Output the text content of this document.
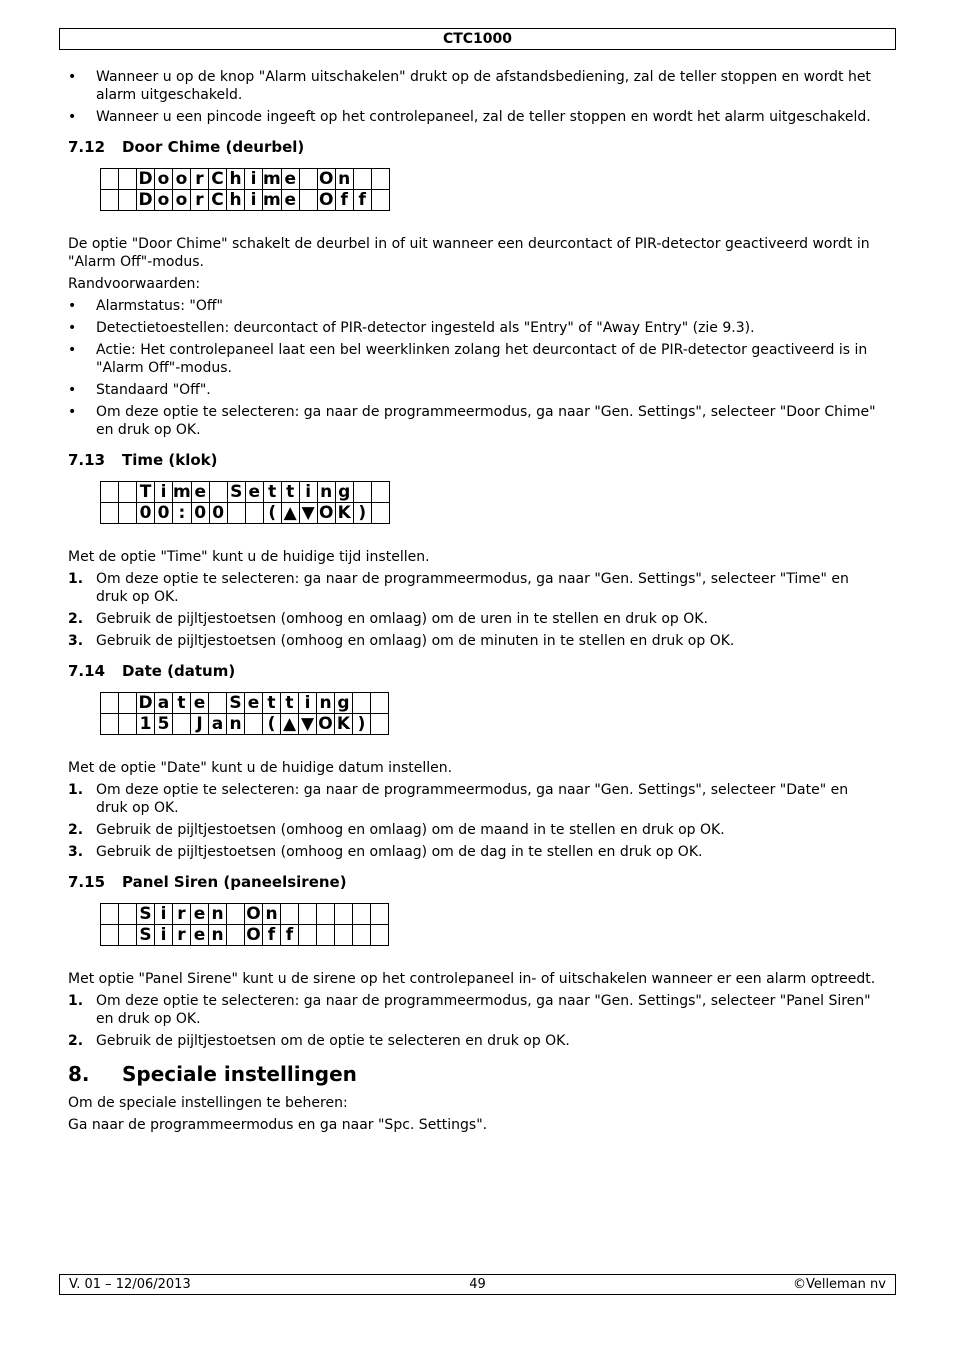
CTC1000
• Wanneer u op de knop "Alarm uitschakelen" drukt op de afstandsbediening, zal de teller stoppen en wordt het alarm uitgeschakeld.
• Wanneer u een pincode ingeeft op het controlepaneel, zal de teller stoppen en wordt het alarm uitgeschakeld.
7.12 Door Chime (deurbel)
		D	o	o	r	C	h	i	m	e		O	n		
		D	o	o	r	C	h	i	m	e		O	f	f	

De optie "Door Chime" schakelt de deurbel in of uit wanneer een deurcontact of PIR-detector geactiveerd wordt in "Alarm Off"-modus.

Randvoorwaarden:

• Alarmstatus: "Off"
• Detectietoestellen: deurcontact of PIR-detector ingesteld als "Entry" of "Away Entry" (zie 9.3).
• Actie: Het controlepaneel laat een bel weerklinken zolang het deurcontact of de PIR-detector geactiveerd is in "Alarm Off"-modus.
• Standaard "Off".
• Om deze optie te selecteren: ga naar de programmeermodus, ga naar "Gen. Settings", selecteer "Door Chime" en druk op OK.
7.13 Time (klok)
		T	i	m	e		S	e	t	t	i	n	g		
		0	0	:	0	0			(	▲	▼	O	K	)	

Met de optie "Time" kunt u de huidige tijd instellen.

1. Om deze optie te selecteren: ga naar de programmeermodus, ga naar "Gen. Settings", selecteer "Time" en druk op OK.
2. Gebruik de pijltjestoetsen (omhoog en omlaag) om de uren in te stellen en druk op OK.
3. Gebruik de pijltjestoetsen (omhoog en omlaag) om de minuten in te stellen en druk op OK.
7.14 Date (datum)
		D	a	t	e		S	e	t	t	i	n	g		
		1	5		J	a	n		(	▲	▼	O	K	)	

Met de optie "Date" kunt u de huidige datum instellen.

1. Om deze optie te selecteren: ga naar de programmeermodus, ga naar "Gen. Settings", selecteer "Date" en druk op OK.
2. Gebruik de pijltjestoetsen (omhoog en omlaag) om de maand in te stellen en druk op OK.
3. Gebruik de pijltjestoetsen (omhoog en omlaag) om de dag in te stellen en druk op OK.
7.15 Panel Siren (paneelsirene)
		S	i	r	e	n		O	n						
		S	i	r	e	n		O	f	f					

Met optie "Panel Sirene" kunt u de sirene op het controlepaneel in- of uitschakelen wanneer er een alarm optreedt.

1. Om deze optie te selecteren: ga naar de programmeermodus, ga naar "Gen. Settings", selecteer "Panel Siren" en druk op OK.
2. Gebruik de pijltjestoetsen om de optie te selecteren en druk op OK.
8. Speciale instellingen

Om de speciale instellingen te beheren:

Ga naar de programmeermodus en ga naar "Spc. Settings".

V. 01 – 12/06/2013	49	©Velleman nv
